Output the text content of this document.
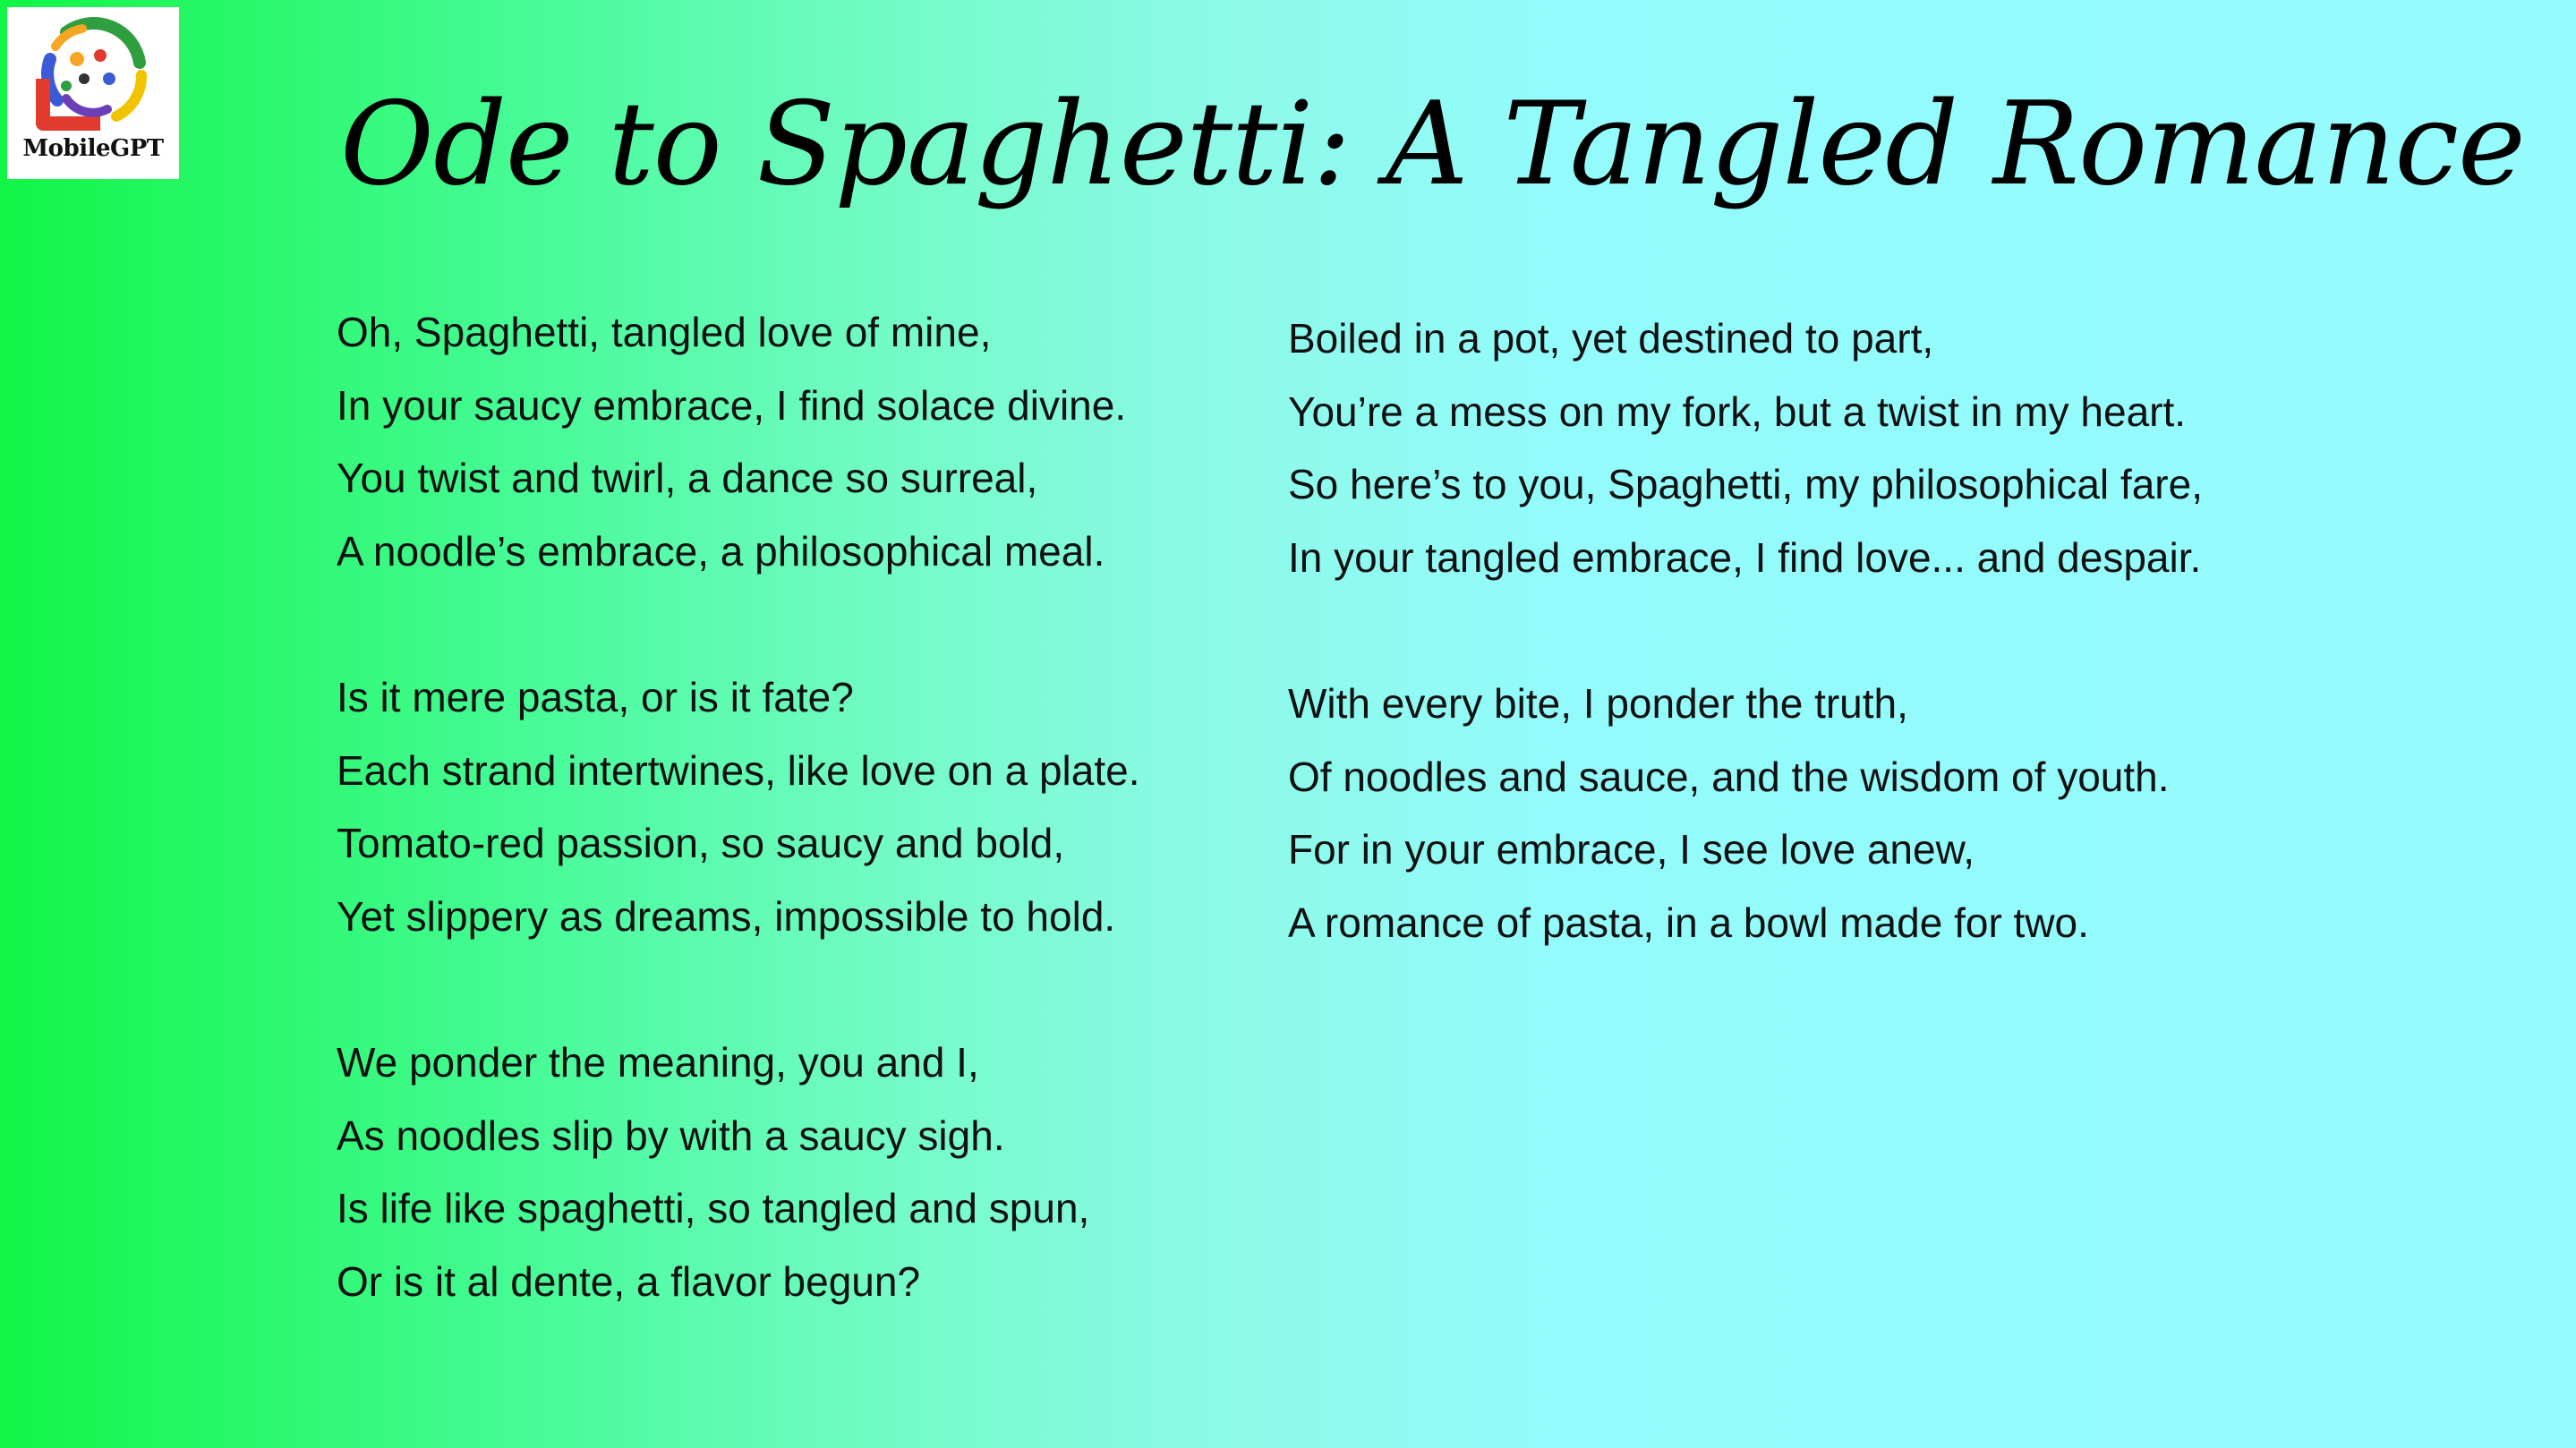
MobileGPT Ode to Spaghetti: A Tangled Romance
Oh, Spaghetti, tangled love of mine,
In your saucy embrace, I find solace divine.
You twist and twirl, a dance so surreal,
A noodle’s embrace, a philosophical meal.
Is it mere pasta, or is it fate?
Each strand intertwines, like love on a plate.
Tomato-red passion, so saucy and bold,
Yet slippery as dreams, impossible to hold.
We ponder the meaning, you and I,
As noodles slip by with a saucy sigh.
Is life like spaghetti, so tangled and spun,
Or is it al dente, a flavor begun?
Boiled in a pot, yet destined to part,
You’re a mess on my fork, but a twist in my heart.
So here’s to you, Spaghetti, my philosophical fare,
In your tangled embrace, I find love... and despair.
With every bite, I ponder the truth,
Of noodles and sauce, and the wisdom of youth.
For in your embrace, I see love anew,
A romance of pasta, in a bowl made for two.
